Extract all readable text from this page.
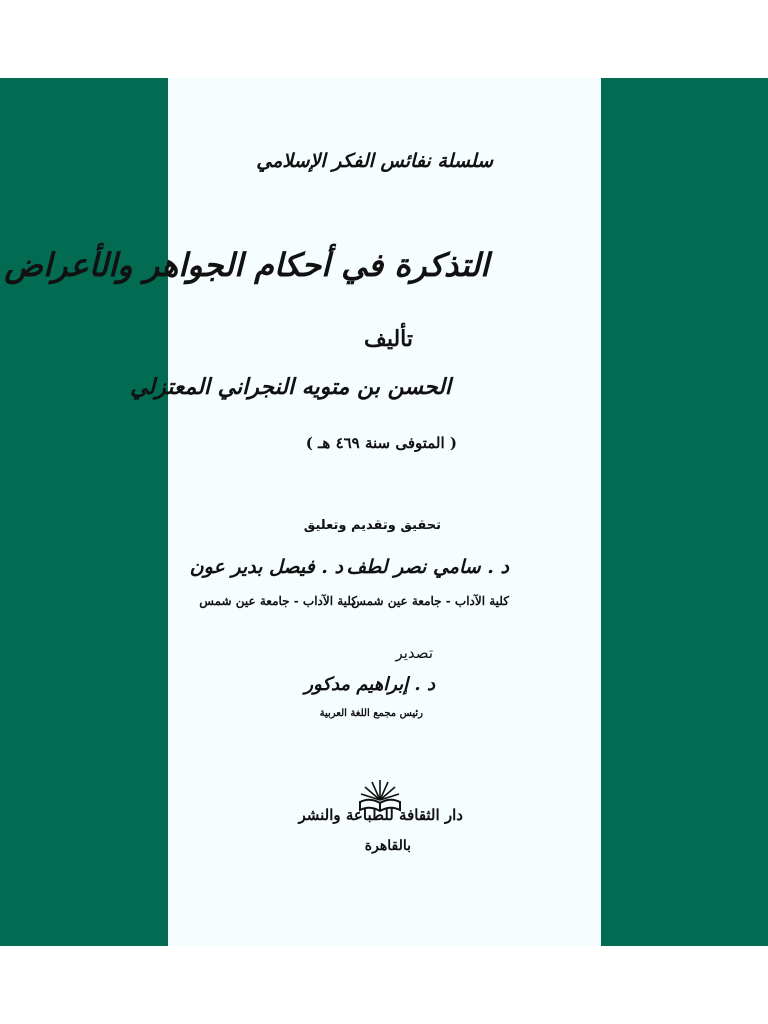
سلسلة نفائس الفكر الإسلامي
التذكرة في أحكام الجواهر والأعراض
تأليف
الحسن بن متويه النجراني المعتزلي
( المتوفى سنة ٤٦٩ هـ )
تحقيق وتقديم وتعليق
د . سامي نصر لطف
كلية الآداب - جامعة عين شمس
د . فيصل بدير عون
كلية الآداب - جامعة عين شمس
تصدير
د . إبراهيم مدكور
رئيس مجمع اللغة العربية
دار الثقافة للطباعة والنشر
بالقاهرة
